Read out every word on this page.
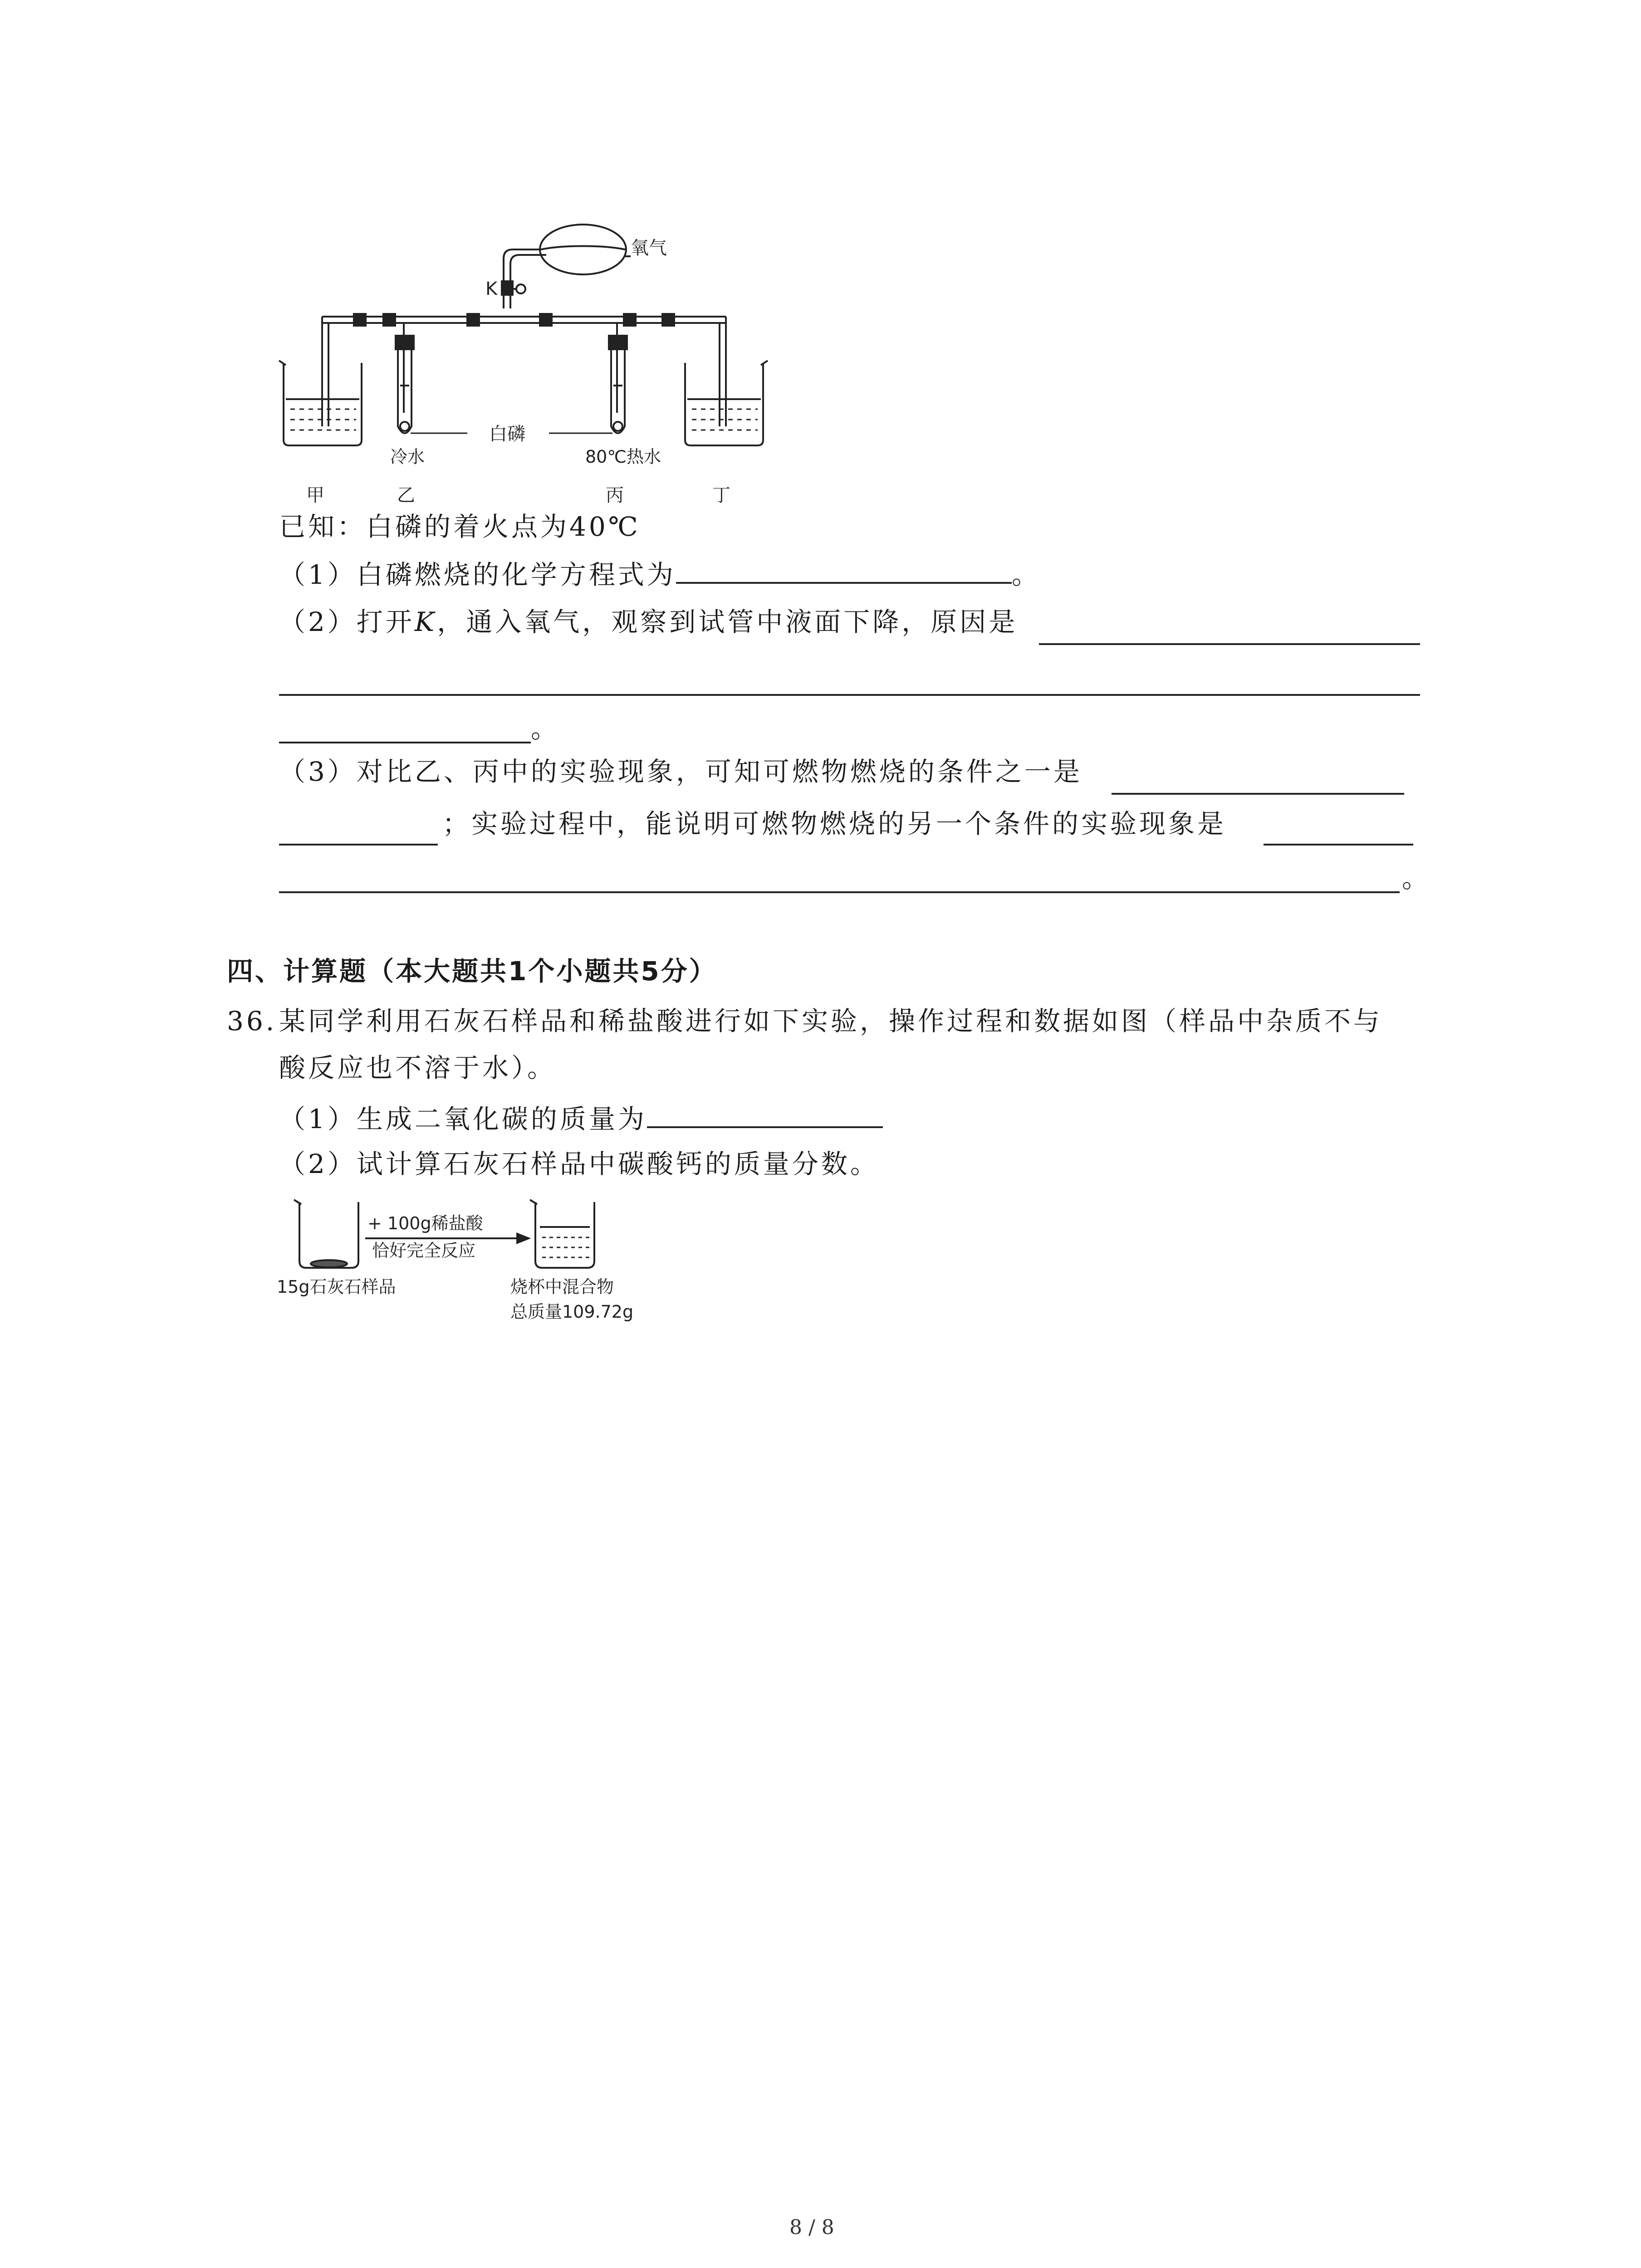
氧气
K
白磷
冷水	80℃热水
甲	乙	丙	丁
已知：白磷的着火点为40℃
（1）白磷燃烧的化学方程式为	。
（2）打开K，通入氧气，观察到试管中液面下降，原因是
。
（3）对比乙、丙中的实验现象，可知可燃物燃烧的条件之一是
；实验过程中，能说明可燃物燃烧的另一个条件的实验现象是
。
四、计算题（本大题共1个小题共5分）
36. 某同学利用石灰石样品和稀盐酸进行如下实验，操作过程和数据如图（样品中杂质不与
酸反应也不溶于水）。
（1）生成二氧化碳的质量为
（2）试计算石灰石样品中碳酸钙的质量分数。
+ 100g稀盐酸
恰好完全反应
15g石灰石样品	烧杯中混合物
总质量109.72g
8 / 8
